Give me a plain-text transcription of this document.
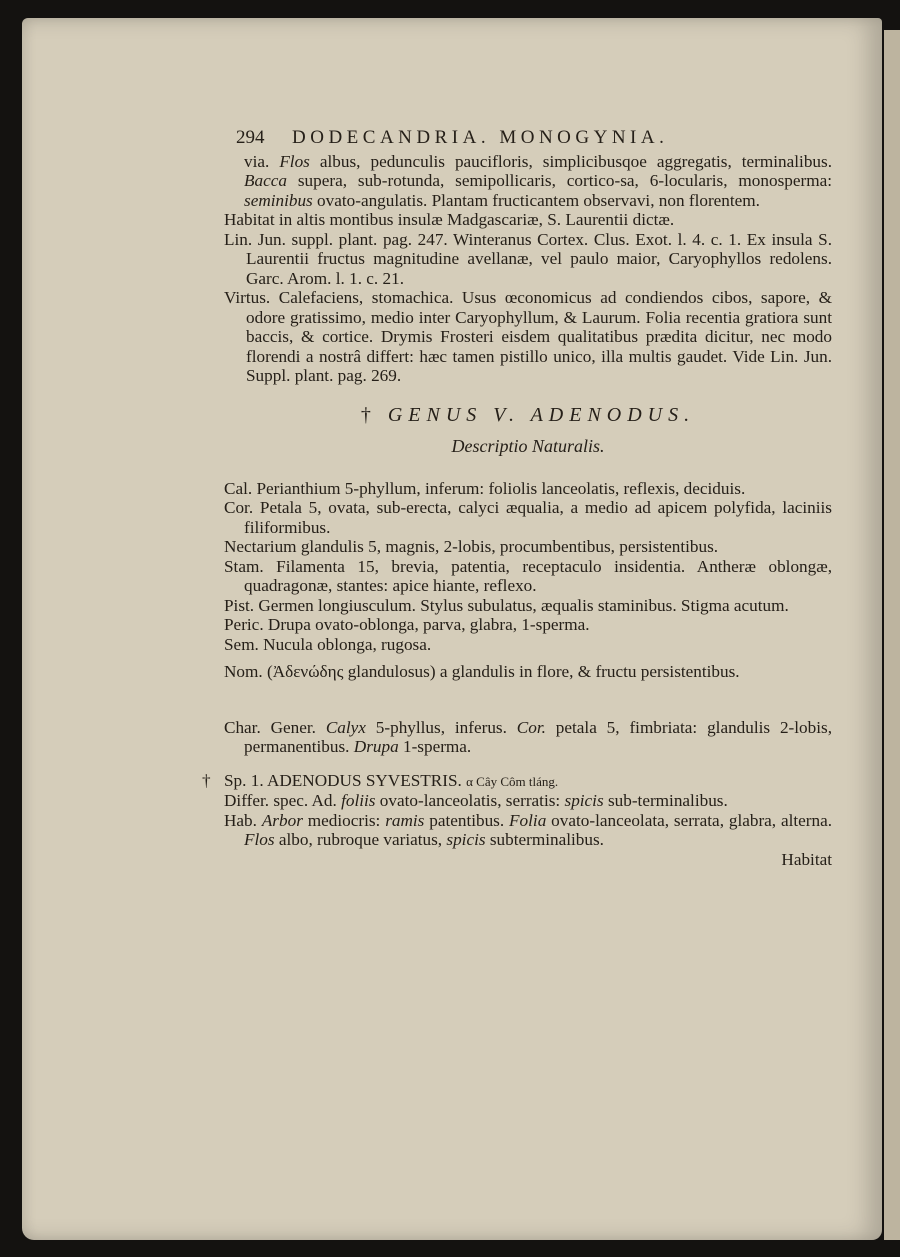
294	DODECANDRIA. MONOGYNIA.

via. Flos albus, pedunculis paucifloris, simplicibusqoe aggregatis, terminalibus. Bacca supera, sub-rotunda, semipollicaris, cortico-sa, 6-locularis, monosperma: seminibus ovato-angulatis. Plantam fructicantem observavi, non florentem.

Habitat in altis montibus insulæ Madgascariæ, S. Laurentii dictæ.

Lin. Jun. suppl. plant. pag. 247. Winteranus Cortex. Clus. Exot. l. 4. c. 1. Ex insula S. Laurentii fructus magnitudine avellanæ, vel paulo maior, Caryophyllos redolens. Garc. Arom. l. 1. c. 21.

Virtus. Calefaciens, stomachica. Usus œconomicus ad condiendos cibos, sapore, & odore gratissimo, medio inter Caryophyllum, & Laurum. Folia recentia gratiora sunt baccis, & cortice. Drymis Frosteri eisdem qualitatibus prædita dicitur, nec modo florendi a nostrâ differt: hæc tamen pistillo unico, illa multis gaudet. Vide Lin. Jun. Suppl. plant. pag. 269.

† GENUS V. ADENODUS.
Descriptio Naturalis.

Cal. Perianthium 5-phyllum, inferum: foliolis lanceolatis, reflexis, deciduis.

Cor. Petala 5, ovata, sub-erecta, calyci æqualia, a medio ad apicem polyfida, laciniis filiformibus.

Nectarium glandulis 5, magnis, 2-lobis, procumbentibus, persistentibus.

Stam. Filamenta 15, brevia, patentia, receptaculo insidentia. Antheræ oblongæ, quadragonæ, stantes: apice hiante, reflexo.

Pist. Germen longiusculum. Stylus subulatus, æqualis staminibus. Stigma acutum.

Peric. Drupa ovato-oblonga, parva, glabra, 1-sperma.

Sem. Nucula oblonga, rugosa.

Nom. (Ἀδενώδης glandulosus) a glandulis in flore, & fructu persistentibus.

Char. Gener. Calyx 5-phyllus, inferus. Cor. petala 5, fimbriata: glandulis 2-lobis, permanentibus. Drupa 1-sperma.

† Sp. 1. ADENODUS SYVESTRIS. α Cây Côm tláng.

Differ. spec. Ad. foliis ovato-lanceolatis, serratis: spicis sub-terminalibus.

Hab. Arbor mediocris: ramis patentibus. Folia ovato-lanceolata, serrata, glabra, alterna. Flos albo, rubroque variatus, spicis subterminalibus.

Habitat
